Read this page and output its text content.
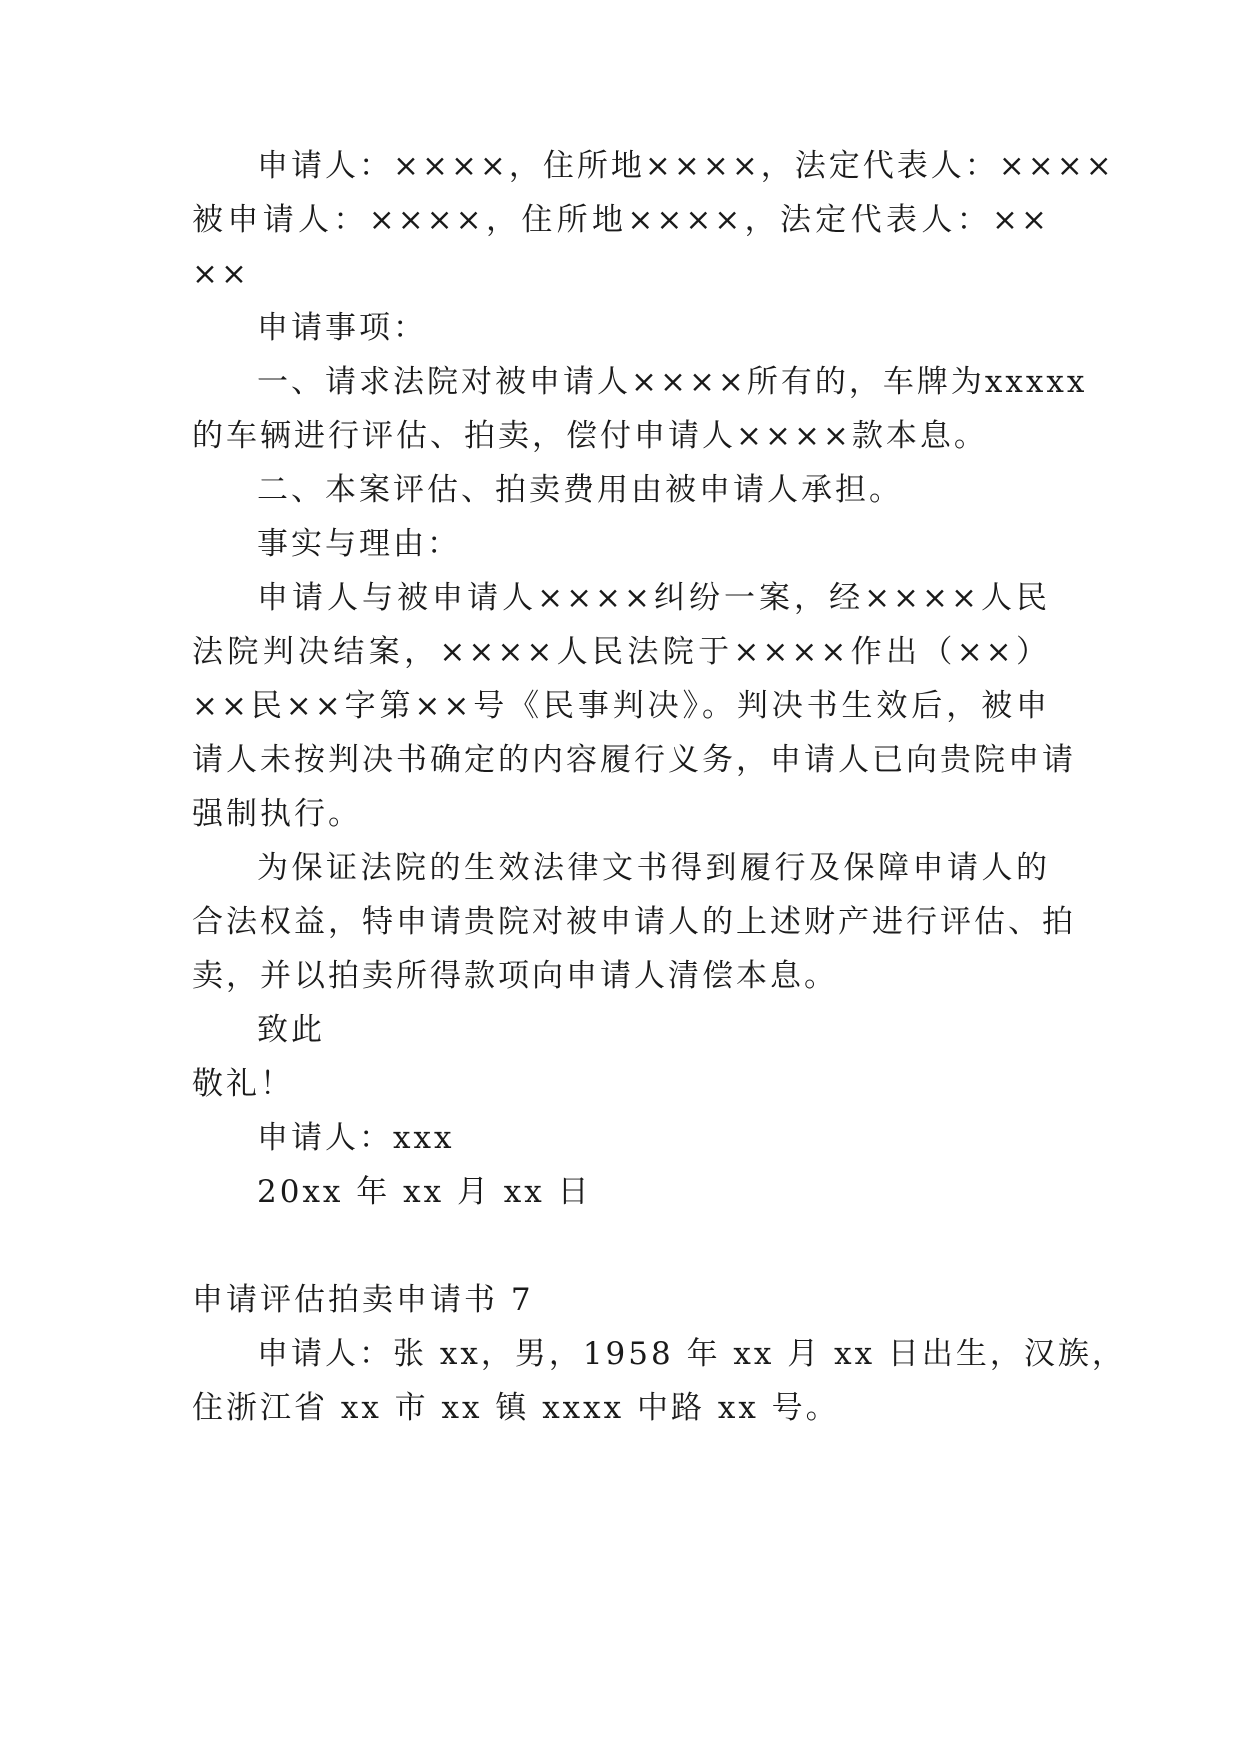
申请人：××××，住所地××××，法定代表人：××××
被申请人：××××，住所地××××，法定代表人：××
××
申请事项：
一、请求法院对被申请人××××所有的，车牌为xxxxx
的车辆进行评估、拍卖，偿付申请人××××款本息。
二、本案评估、拍卖费用由被申请人承担。
事实与理由：
申请人与被申请人××××纠纷一案，经××××人民
法院判决结案，××××人民法院于××××作出（××）
××民××字第××号《民事判决》。判决书生效后，被申
请人未按判决书确定的内容履行义务，申请人已向贵院申请
强制执行。
为保证法院的生效法律文书得到履行及保障申请人的
合法权益，特申请贵院对被申请人的上述财产进行评估、拍
卖，并以拍卖所得款项向申请人清偿本息。
致此
敬礼！
申请人：xxx
20xx 年 xx 月 xx 日
申请评估拍卖申请书 7
申请人：张 xx，男，1958 年 xx 月 xx 日出生，汉族，
住浙江省 xx 市 xx 镇 xxxx 中路 xx 号。
